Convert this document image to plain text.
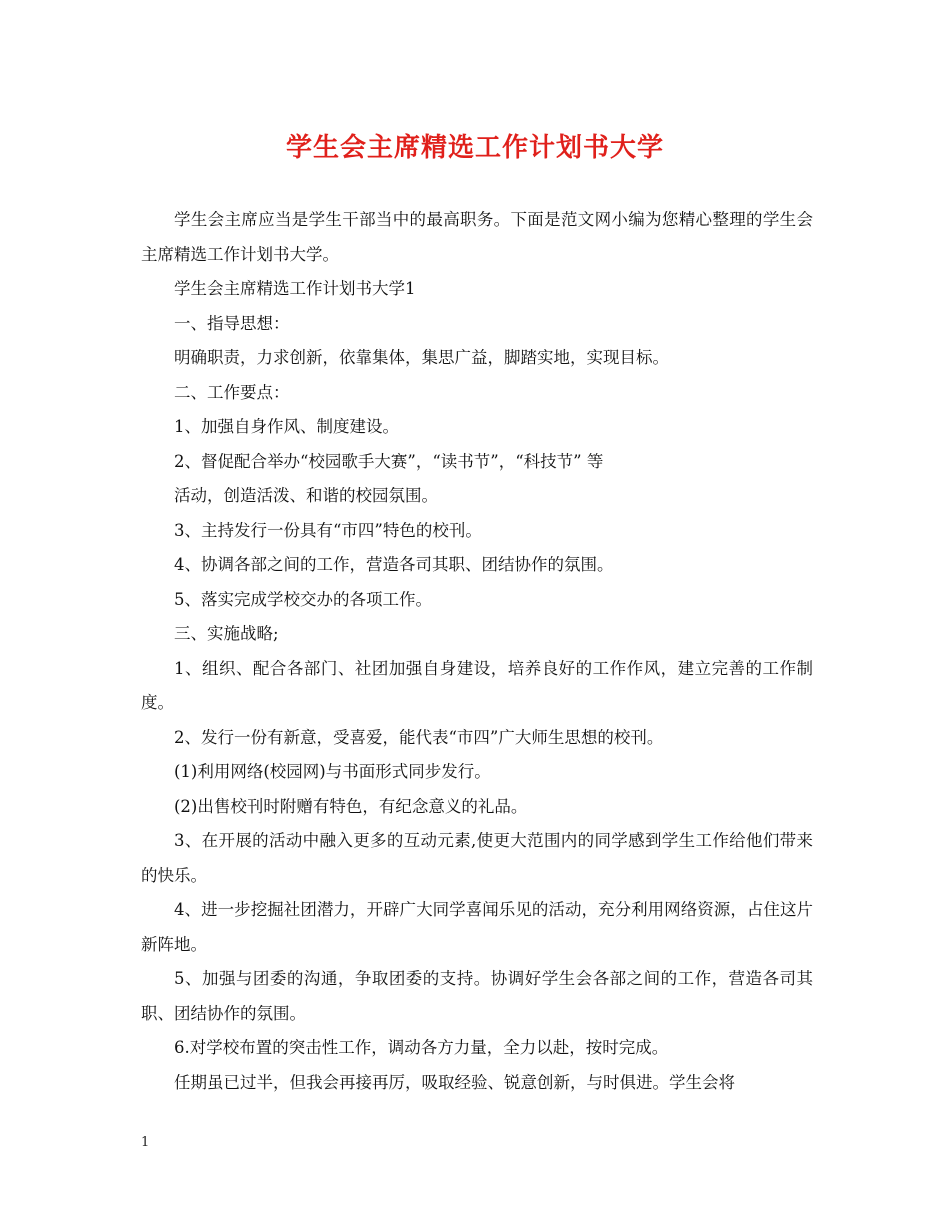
学生会主席精选工作计划书大学

学生会主席应当是学生干部当中的最高职务。下面是范文网小编为您精心整理的学生会主席精选工作计划书大学。

学生会主席精选工作计划书大学1

一、指导思想：

明确职责，力求创新，依靠集体，集思广益，脚踏实地，实现目标。

二、工作要点：

1、加强自身作风、制度建设。

2、督促配合举办“校园歌手大赛”，“读书节”，“科技节” 等

活动，创造活泼、和谐的校园氛围。

3、主持发行一份具有“市四”特色的校刊。

4、协调各部之间的工作，营造各司其职、团结协作的氛围。

5、落实完成学校交办的各项工作。

三、实施战略;

1、组织、配合各部门、社团加强自身建设，培养良好的工作作风，建立完善的工作制度。

2、发行一份有新意，受喜爱，能代表“市四”广大师生思想的校刊。

(1)利用网络(校园网)与书面形式同步发行。

(2)出售校刊时附赠有特色，有纪念意义的礼品。

3、在开展的活动中融入更多的互动元素,使更大范围内的同学感到学生工作给他们带来的快乐。

4、进一步挖掘社团潜力，开辟广大同学喜闻乐见的活动，充分利用网络资源，占住这片新阵地。

5、加强与团委的沟通，争取团委的支持。协调好学生会各部之间的工作，营造各司其职、团结协作的氛围。

6.对学校布置的突击性工作，调动各方力量，全力以赴，按时完成。

任期虽已过半，但我会再接再厉，吸取经验、锐意创新，与时俱进。学生会将

1
